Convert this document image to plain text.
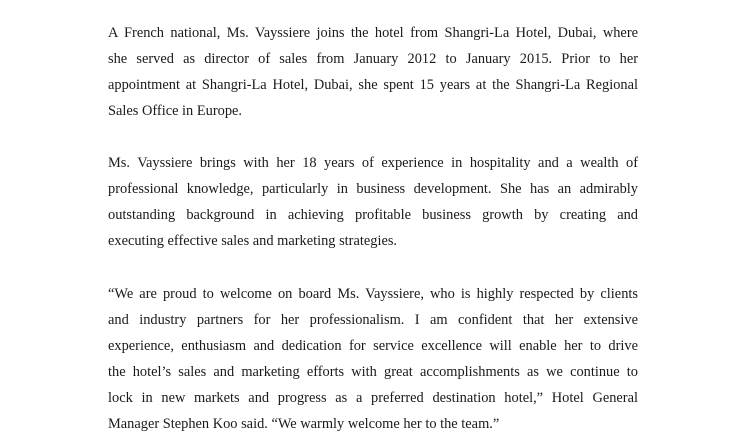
A French national, Ms. Vayssiere joins the hotel from Shangri-La Hotel, Dubai, where
she served as director of sales from January 2012 to January 2015. Prior to her
appointment at Shangri-La Hotel, Dubai, she spent 15 years at the Shangri-La Regional
Sales Office in Europe.

Ms. Vayssiere brings with her 18 years of experience in hospitality and a wealth of
professional knowledge, particularly in business development. She has an admirably
outstanding background in achieving profitable business growth by creating and
executing effective sales and marketing strategies.

“We are proud to welcome on board Ms. Vayssiere, who is highly respected by clients
and industry partners for her professionalism. I am confident that her extensive
experience, enthusiasm and dedication for service excellence will enable her to drive
the hotel’s sales and marketing efforts with great accomplishments as we continue to
lock in new markets and progress as a preferred destination hotel,” Hotel General
Manager Stephen Koo said. “We warmly welcome her to the team.”
